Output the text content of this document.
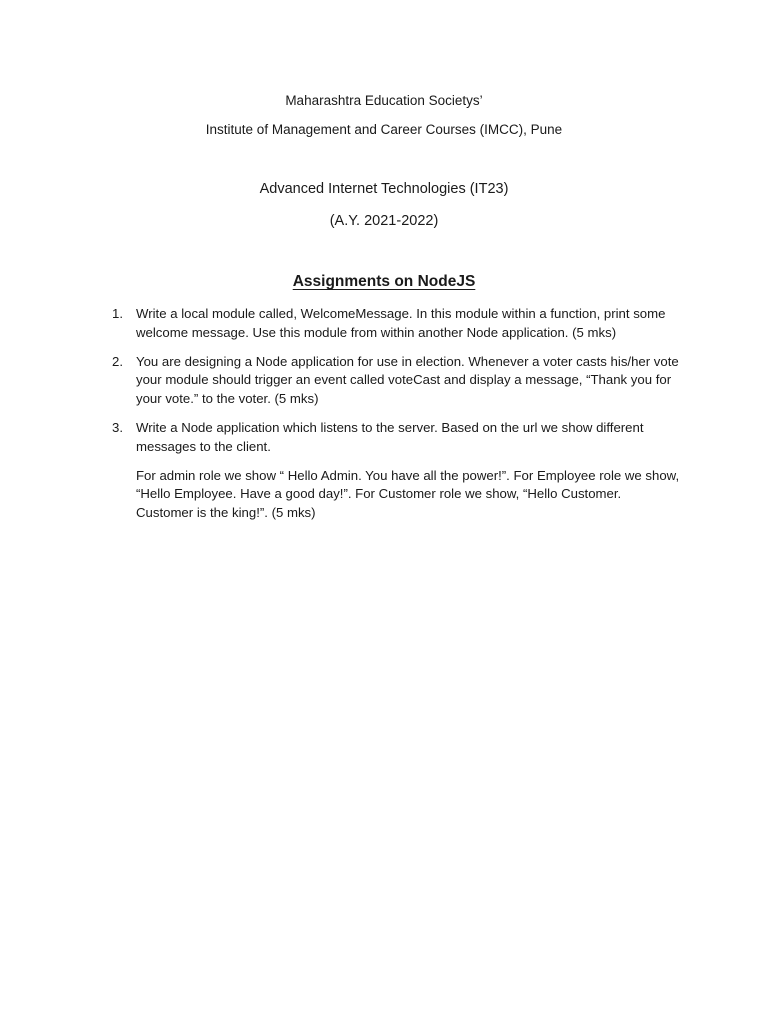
Maharashtra Education Societys’
Institute of Management and Career Courses (IMCC), Pune
Advanced Internet Technologies (IT23)
(A.Y. 2021-2022)
Assignments on NodeJS
1. Write a local module called, WelcomeMessage. In this module within a function, print some welcome message. Use this module from within another Node application. (5 mks)

2. You are designing a Node application for use in election. Whenever a voter casts his/her vote your module should trigger an event called voteCast and display a message, “Thank you for your vote.” to the voter. (5 mks)

3. Write a Node application which listens to the server. Based on the url we show different messages to the client.

For admin role we show “ Hello Admin. You have all the power!”. For Employee role we show, “Hello Employee. Have a good day!”. For Customer role we show, “Hello Customer. Customer is the king!”. (5 mks)
